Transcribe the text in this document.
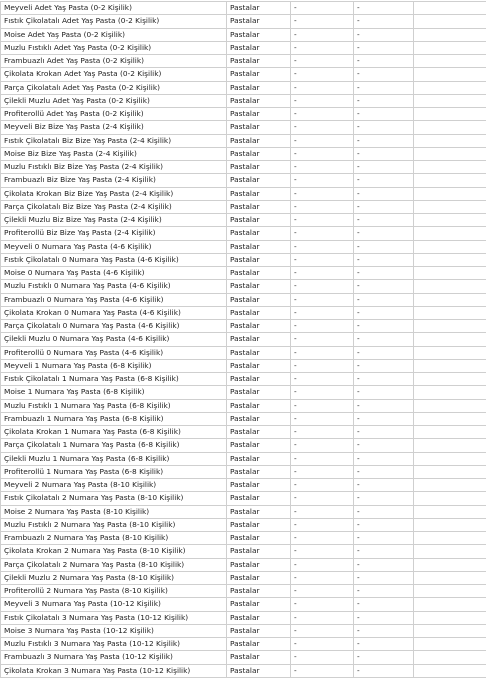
Meyveli Adet Yaş Pasta (0-2 Kişilik)	Pastalar	-	-	
Fıstık Çikolatalı Adet Yaş Pasta (0-2 Kişilik)	Pastalar	-	-	
Moise Adet Yaş Pasta (0-2 Kişilik)	Pastalar	-	-	
Muzlu Fıstıklı Adet Yaş Pasta (0-2 Kişilik)	Pastalar	-	-	
Frambuazlı Adet Yaş Pasta (0-2 Kişilik)	Pastalar	-	-	
Çikolata Krokan Adet Yaş Pasta (0-2 Kişilik)	Pastalar	-	-	
Parça Çikolatalı Adet Yaş Pasta (0-2 Kişilik)	Pastalar	-	-	
Çilekli Muzlu Adet Yaş Pasta (0-2 Kişilik)	Pastalar	-	-	
Profiterollü Adet Yaş Pasta (0-2 Kişilik)	Pastalar	-	-	
Meyveli Biz Bize Yaş Pasta (2-4 Kişilik)	Pastalar	-	-	
Fıstık Çikolatalı Biz Bize Yaş Pasta (2-4 Kişilik)	Pastalar	-	-	
Moise Biz Bize Yaş Pasta (2-4 Kişilik)	Pastalar	-	-	
Muzlu Fıstıklı Biz Bize Yaş Pasta (2-4 Kişilik)	Pastalar	-	-	
Frambuazlı Biz Bize Yaş Pasta (2-4 Kişilik)	Pastalar	-	-	
Çikolata Krokan Biz Bize Yaş Pasta (2-4 Kişilik)	Pastalar	-	-	
Parça Çikolatalı Biz Bize Yaş Pasta (2-4 Kişilik)	Pastalar	-	-	
Çilekli Muzlu Biz Bize Yaş Pasta (2-4 Kişilik)	Pastalar	-	-	
Profiterollü Biz Bize Yaş Pasta (2-4 Kişilik)	Pastalar	-	-	
Meyveli 0 Numara Yaş Pasta (4-6 Kişilik)	Pastalar	-	-	
Fıstık Çikolatalı 0 Numara Yaş Pasta (4-6 Kişilik)	Pastalar	-	-	
Moise 0 Numara Yaş Pasta (4-6 Kişilik)	Pastalar	-	-	
Muzlu Fıstıklı 0 Numara Yaş Pasta (4-6 Kişilik)	Pastalar	-	-	
Frambuazlı 0 Numara Yaş Pasta (4-6 Kişilik)	Pastalar	-	-	
Çikolata Krokan 0 Numara Yaş Pasta (4-6 Kişilik)	Pastalar	-	-	
Parça Çikolatalı 0 Numara Yaş Pasta (4-6 Kişilik)	Pastalar	-	-	
Çilekli Muzlu 0 Numara Yaş Pasta (4-6 Kişilik)	Pastalar	-	-	
Profiterollü 0 Numara Yaş Pasta (4-6 Kişilik)	Pastalar	-	-	
Meyveli 1 Numara Yaş Pasta (6-8 Kişilik)	Pastalar	-	-	
Fıstık Çikolatalı 1 Numara Yaş Pasta (6-8 Kişilik)	Pastalar	-	-	
Moise 1 Numara Yaş Pasta (6-8 Kişilik)	Pastalar	-	-	
Muzlu Fıstıklı 1 Numara Yaş Pasta (6-8 Kişilik)	Pastalar	-	-	
Frambuazlı 1 Numara Yaş Pasta (6-8 Kişilik)	Pastalar	-	-	
Çikolata Krokan 1 Numara Yaş Pasta (6-8 Kişilik)	Pastalar	-	-	
Parça Çikolatalı 1 Numara Yaş Pasta (6-8 Kişilik)	Pastalar	-	-	
Çilekli Muzlu 1 Numara Yaş Pasta (6-8 Kişilik)	Pastalar	-	-	
Profiterollü 1 Numara Yaş Pasta (6-8 Kişilik)	Pastalar	-	-	
Meyveli 2 Numara Yaş Pasta (8-10 Kişilik)	Pastalar	-	-	
Fıstık Çikolatalı 2 Numara Yaş Pasta (8-10 Kişilik)	Pastalar	-	-	
Moise 2 Numara Yaş Pasta (8-10 Kişilik)	Pastalar	-	-	
Muzlu Fıstıklı 2 Numara Yaş Pasta (8-10 Kişilik)	Pastalar	-	-	
Frambuazlı 2 Numara Yaş Pasta (8-10 Kişilik)	Pastalar	-	-	
Çikolata Krokan 2 Numara Yaş Pasta (8-10 Kişilik)	Pastalar	-	-	
Parça Çikolatalı 2 Numara Yaş Pasta (8-10 Kişilik)	Pastalar	-	-	
Çilekli Muzlu 2 Numara Yaş Pasta (8-10 Kişilik)	Pastalar	-	-	
Profiterollü 2 Numara Yaş Pasta (8-10 Kişilik)	Pastalar	-	-	
Meyveli 3 Numara Yaş Pasta (10-12 Kişilik)	Pastalar	-	-	
Fıstık Çikolatalı 3 Numara Yaş Pasta (10-12 Kişilik)	Pastalar	-	-	
Moise 3 Numara Yaş Pasta (10-12 Kişilik)	Pastalar	-	-	
Muzlu Fıstıklı 3 Numara Yaş Pasta (10-12 Kişilik)	Pastalar	-	-	
Frambuazlı 3 Numara Yaş Pasta (10-12 Kişilik)	Pastalar	-	-	
Çikolata Krokan 3 Numara Yaş Pasta (10-12 Kişilik)	Pastalar	-	-	
